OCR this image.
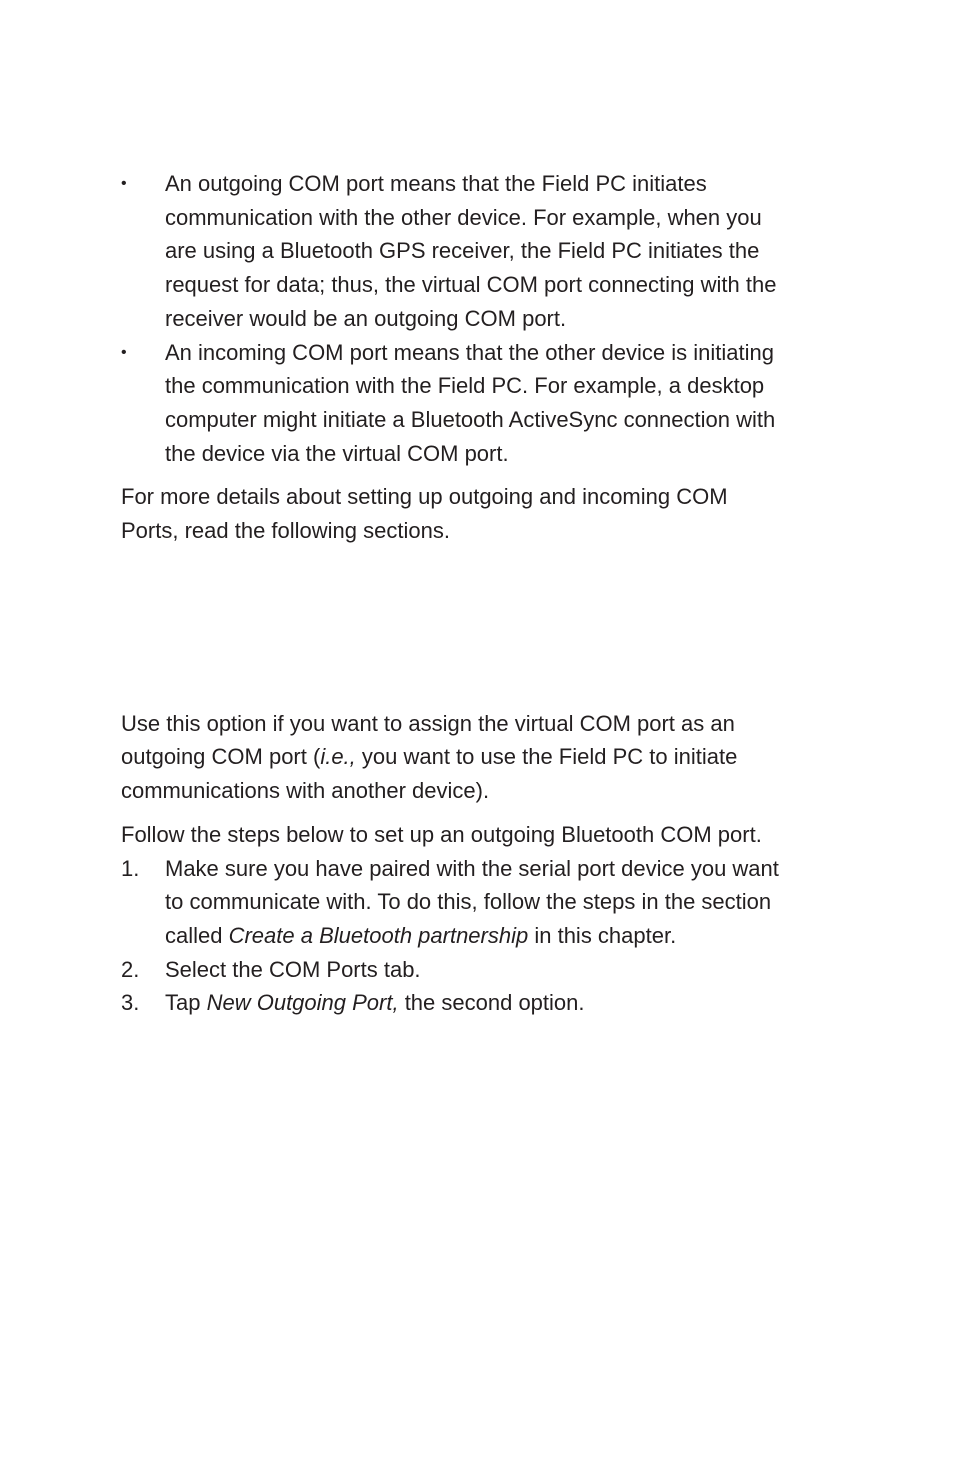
• An outgoing COM port means that the Field PC initiates communication with the other device. For example, when you are using a Bluetooth GPS receiver, the Field PC initiates the request for data; thus, the virtual COM port connecting with the receiver would be an outgoing COM port.
• An incoming COM port means that the other device is initiating the communication with the Field PC. For example, a desktop computer might initiate a Bluetooth ActiveSync connection with the device via the virtual COM port.

For more details about setting up outgoing and incoming COM Ports, read the following sections.

Use this option if you want to assign the virtual COM port as an outgoing COM port (i.e., you want to use the Field PC to initiate communications with another device).

Follow the steps below to set up an outgoing Bluetooth COM port.

1. Make sure you have paired with the serial port device you want to communicate with. To do this, follow the steps in the section called Create a Bluetooth partnership in this chapter.
2. Select the COM Ports tab.
3. Tap New Outgoing Port, the second option.
